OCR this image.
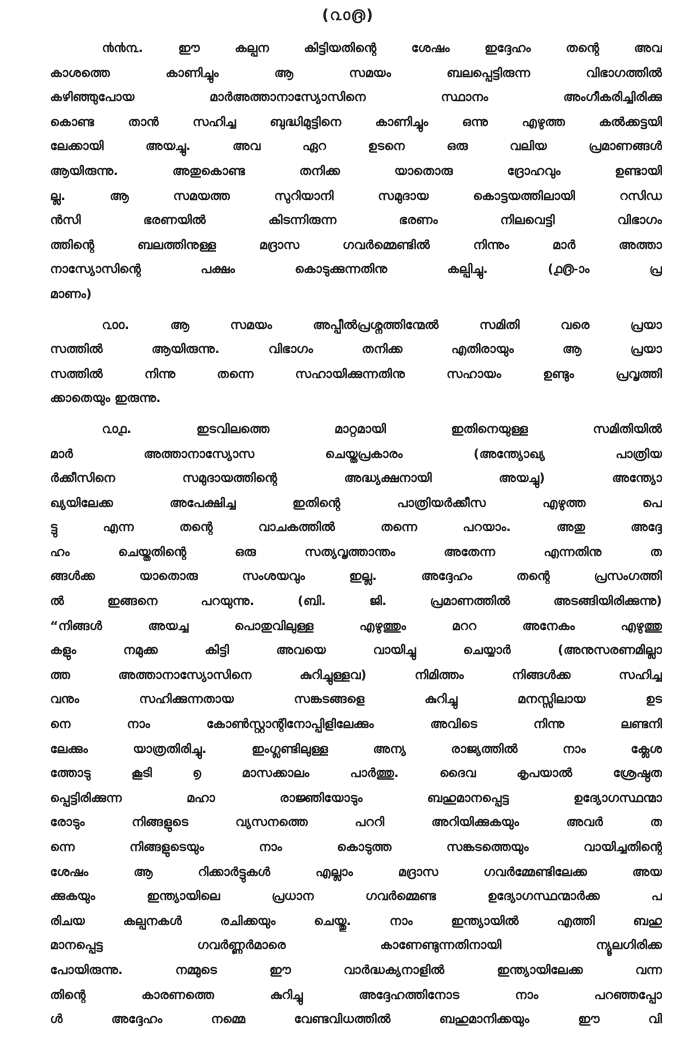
(൨൦൫)
൯൯൩. ഈ കല്പന കിട്ടിയതിന്റെ ശേഷം ഇദ്ദേഹം തന്റെ അവ
കാശത്തെ കാണിച്ചും ആ സമയം ബലപ്പെട്ടിരുന്ന വിഭാഗത്തിൽ
കഴിഞ്ഞുപോയ മാർഅത്താനാസ്യോസിനെ സ്ഥാനം അംഗീകരിച്ചിരിക്കു
കൊണ്ട താൻ സഹിച്ച ബുദ്ധിമുട്ടിനെ കാണിച്ചും ഒന്നു എഴുത്ത കൽക്കട്ടയി
ലേക്കായി അയച്ചു. അവ ഏറ ഉടനെ ഒരു വലിയ പ്രമാണങ്ങൾ
ആയിരുന്നു. അതുകൊണ്ട തനിക്ക യാതൊരു ദ്രോഹവും ഉണ്ടായി
ല്ല. ആ സമയത്ത സുറിയാനി സമുദായ കൊട്ടയത്തിലായി റസിഡ
ൻസി ഭരണയിൽ കിടന്നിരുന്ന ഭരണം നിലവെട്ടി വിഭാഗം
ത്തിന്റെ ബലത്തിനുള്ള മദ്രാസ ഗവർമ്മെണ്ടിൽ നിന്നും മാർ അത്താ
നാസ്യോസിന്റെ പക്ഷം കൊടുക്കുന്നതിനു കല്പിച്ചു. (൧൫-ാം പ്ര
മാണം)
൨൦൦. ആ സമയം അപ്പീൽപ്രശ്നത്തിന്മേൽ സമിതി വരെ പ്രയാ
സത്തിൽ ആയിരുന്നു. വിഭാഗം തനിക്ക എതിരായും ആ പ്രയാ
സത്തിൽ നിന്നു തന്നെ സഹായിക്കുന്നതിനു സഹായം ഉണ്ടും പ്രവൃത്തി
ക്കാതെയും ഇരുന്നു.
൨൦൧. ഇടവിലത്തെ മാറ്റമായി ഇതിനെയുള്ള സമിതിയിൽ
മാർ അത്താനാസ്യോസ ചെയ്തപ്രകാരം (അന്ത്യോഖ്യ പാത്രിയ
ർക്കീസിനെ സമുദായത്തിന്റെ അദ്ധ്യക്ഷനായി അയച്ചു) അന്ത്യോ
ഖ്യയിലേക്ക അപേക്ഷിച്ച ഇതിന്റെ പാത്രിയർക്കീസ എഴുത്ത പെ
ട്ടു എന്ന തന്റെ വാചകത്തിൽ തന്നെ പറയാം. അതു അദ്ദേ
ഹം ചെയ്തതിന്റെ ഒരു സത്യവൃത്താന്തം അതേന്ന എന്നതിനു ത
ങ്ങൾക്ക യാതൊരു സംശയവും ഇല്ല. അദ്ദേഹം തന്റെ പ്രസംഗത്തി
ൽ ഇങ്ങനെ പറയുന്നു. (ബി. ജി. പ്രമാണത്തിൽ അടങ്ങിയിരിക്കുന്നു)
“നിങ്ങൾ അയച്ച പൊതുവിലുള്ള എഴുത്തും മററ അനേകം എഴുത്തു
കളും നമുക്ക കിട്ടി അവയെ വായിച്ചു ചെയ്യാർ (അനുസരണമില്ലാ
ത്ത അത്താനാസ്യോസിനെ കുറിച്ചുള്ളവ) നിമിത്തം നിങ്ങൾക്ക സഹിച്ച
വനും സഹിക്കുന്നതായ സങ്കടങ്ങളെ കുറിച്ചു മനസ്സിലായ ഉട
നെ നാം കോൺസ്റ്റാന്റിനോപ്പിളിലേക്കും അവിടെ നിന്നു ലണ്ടനി
ലേക്കും യാത്രതിരിച്ചു. ഇംഗ്ലണ്ടിലുള്ള അന്യ രാജ്യത്തിൽ നാം ക്ലേശ
ത്തോടു കൂടി ൭ മാസക്കാലം പാർത്തു. ദൈവ കൃപയാൽ ശ്രേഷ്ഠത
പ്പെട്ടിരിക്കുന്ന മഹാ രാജ്ഞിയോടും ബഹുമാനപ്പെട്ട ഉദ്യോഗസ്ഥന്മാ
രോടും നിങ്ങളുടെ വ്യസനത്തെ പററി അറിയിക്കുകയും അവർ ത
ന്നെ നിങ്ങളുടെയും നാം കൊടുത്ത സങ്കടത്തെയും വായിച്ചതിന്റെ
ശേഷം ആ റിക്കാർട്ടുകൾ എല്ലാം മദ്രാസ ഗവർമ്മേണ്ടിലേക്ക അയ
ക്കുകയും ഇന്ത്യായിലെ പ്രധാന ഗവർമ്മെണ്ട ഉദ്യോഗസ്ഥന്മാർക്ക പ
രിചയ കല്പനകൾ രചിക്കയും ചെയ്തു. നാം ഇന്ത്യായിൽ എത്തി ബഹു
മാനപ്പെട്ട ഗവർണ്ണർമാരെ കാണേണ്ടുന്നതിനായി ന്യൂലഗിരിക്ക
പോയിരുന്നു. നമ്മുടെ ഈ വാർദ്ധക്യനാളിൽ ഇന്ത്യായിലേക്ക വന്ന
തിന്റെ കാരണത്തെ കുറിച്ചു അദ്ദേഹത്തിനോട നാം പറഞ്ഞപ്പോ
ൾ അദ്ദേഹം നമ്മെ വേണ്ടവിധത്തിൽ ബഹുമാനിക്കയും ഈ വി
